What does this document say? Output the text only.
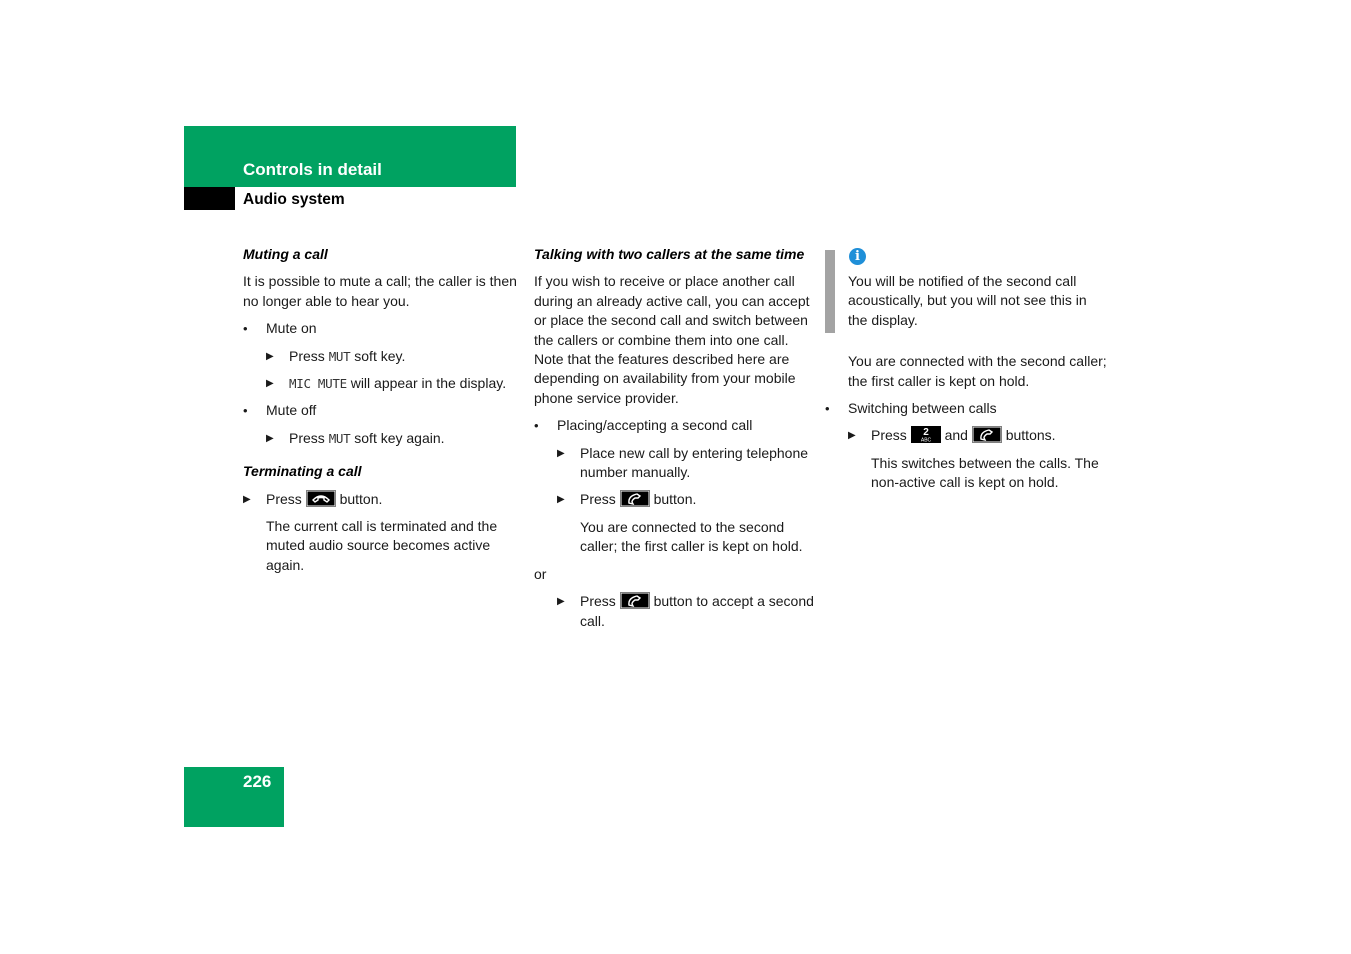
Controls in detail
Audio system

Muting a call

It is possible to mute a call; the caller is then no longer able to hear you.

• Mute on
▶ Press MUT soft key.
▶ MIC MUTE will appear in the display.
• Mute off
▶ Press MUT soft key again.

Terminating a call

▶ Press	button.

The current call is terminated and the muted audio source becomes active again.

Talking with two callers at the same time

If you wish to receive or place another call during an already active call, you can accept or place the second call and switch between the callers or combine them into one call. Note that the features described here are depending on availability from your mobile phone service provider.

• Placing/accepting a second call
▶ Place new call by entering telephone number manually.
▶ Press	button.

You are connected to the second caller; the first caller is kept on hold.

or

▶ Press	button to accept a second call.
i

You will be notified of the second call acoustically, but you will not see this in the display.

You are connected with the second caller; the first caller is kept on hold.

• Switching between calls
▶ Press 2
ABC and	buttons.

This switches between the calls. The non-active call is kept on hold.

226
